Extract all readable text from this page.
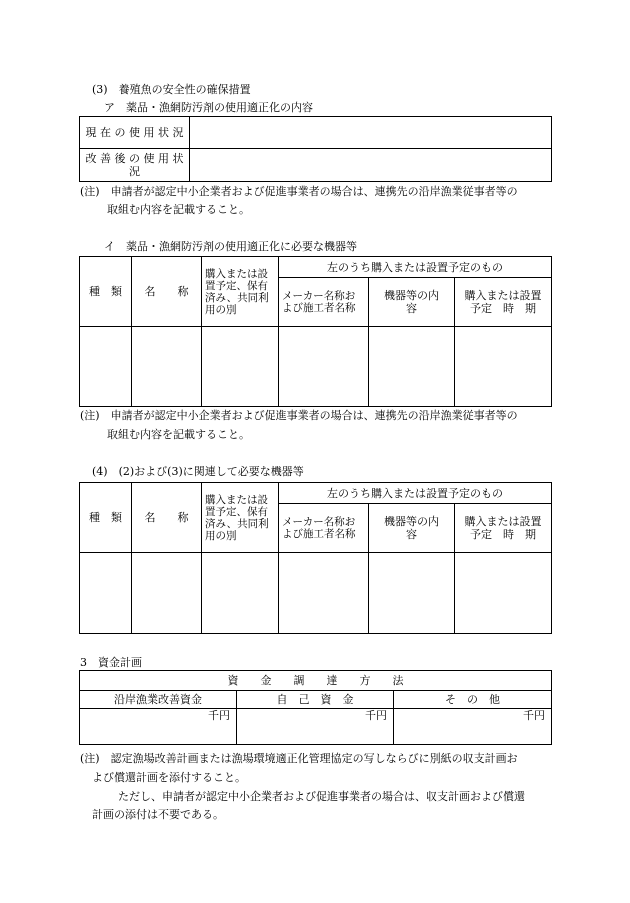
(3)　養殖魚の安全性の確保措置
ア　薬品・漁網防汚剤の使用適正化の内容
現 在 の 使 用 状 況	
改 善 後 の 使 用 状 況	
(注)　申請者が認定中小企業者および促進事業者の場合は、連携先の沿岸漁業従事者等の
取組む内容を記載すること。
イ　薬品・漁網防汚剤の使用適正化に必要な機器等
種　類	名　　称	購入または設置予定、保有済み、共同利用の別	左のうち購入または設置予定のもの		
			メーカー名称および施工者名称	機器等の内容	購入または設置予定　時　期

(注)　申請者が認定中小企業者および促進事業者の場合は、連携先の沿岸漁業従事者等の
取組む内容を記載すること。
(4)　(2)および(3)に関連して必要な機器等
種　類	名　　称	購入または設置予定、保有済み、共同利用の別	左のうち購入または設置予定のもの		
			メーカー名称および施工者名称	機器等の内容	購入または設置予定　時　期

3　資金計画
資　　金　　調　　達　　方　　法		
沿岸漁業改善資金	自　己　資　金	そ　の　他
千円	千円	千円
(注)　認定漁場改善計画または漁場環境適正化管理協定の写しならびに別紙の収支計画お
よび償還計画を添付すること。
ただし、申請者が認定中小企業者および促進事業者の場合は、収支計画および償還
計画の添付は不要である。
